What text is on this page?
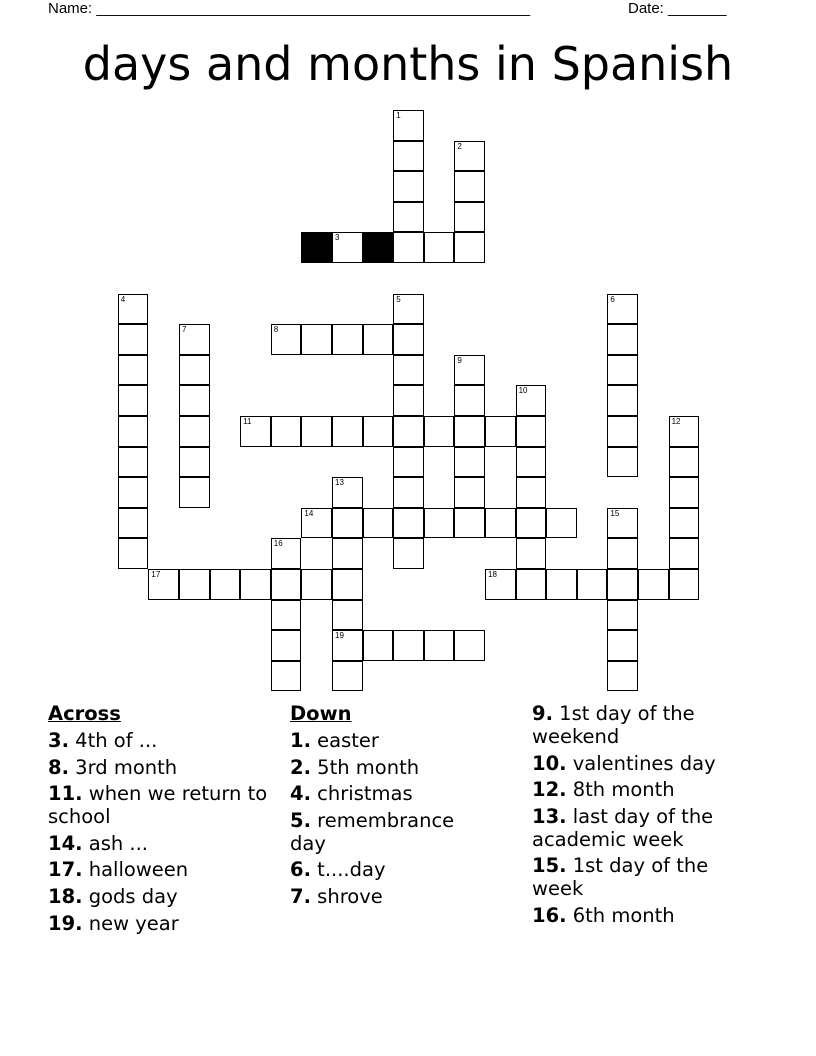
Name: ____________________________________________________	Date: _______
days and months in Spanish
1
2
3
4	5	6
7	8
9
10
11	12
13
19
14	15
16
17	18
Across
3. 4th of ...
8. 3rd month
11. when we return to school
14. ash ...
17. halloween
18. gods day
19. new year
Down
1. easter
2. 5th month
4. christmas
5. remembrance day
6. t....day
7. shrove
9. 1st day of the weekend
10. valentines day
12. 8th month
13. last day of the academic week
15. 1st day of the week
16. 6th month
